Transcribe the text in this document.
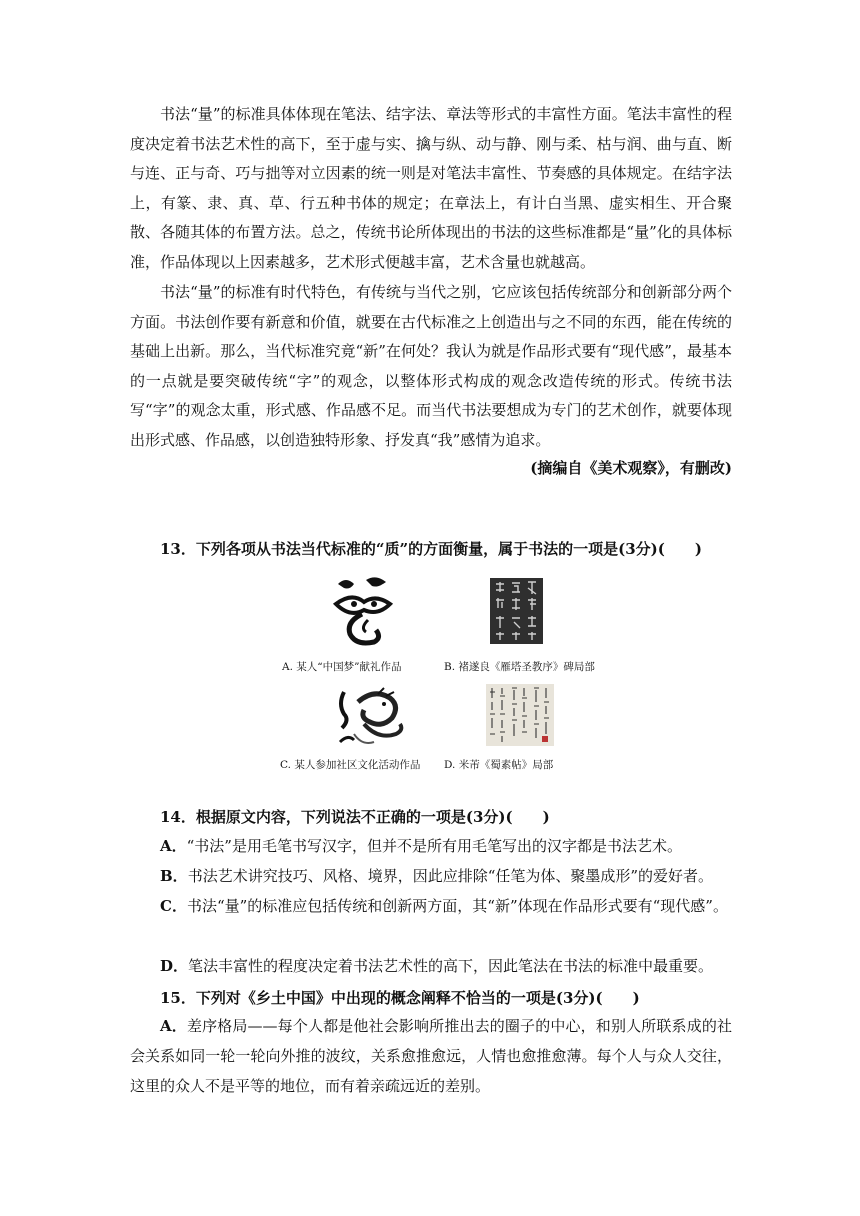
书法“量”的标准具体体现在笔法、结字法、章法等形式的丰富性方面。笔法丰富性的程度决定着书法艺术性的高下，至于虚与实、擒与纵、动与静、刚与柔、枯与润、曲与直、断与连、正与奇、巧与拙等对立因素的统一则是对笔法丰富性、节奏感的具体规定。在结字法上，有篆、隶、真、草、行五种书体的规定；在章法上，有计白当黑、虚实相生、开合聚散、各随其体的布置方法。总之，传统书论所体现出的书法的这些标准都是“量”化的具体标准，作品体现以上因素越多，艺术形式便越丰富，艺术含量也就越高。

书法“量”的标准有时代特色，有传统与当代之别，它应该包括传统部分和创新部分两个方面。书法创作要有新意和价值，就要在古代标准之上创造出与之不同的东西，能在传统的基础上出新。那么，当代标准究竟“新”在何处？我认为就是作品形式要有“现代感”，最基本的一点就是要突破传统“字”的观念，以整体形式构成的观念改造传统的形式。传统书法写“字”的观念太重，形式感、作品感不足。而当代书法要想成为专门的艺术创作，就要体现出形式感、作品感，以创造独特形象、抒发真“我”感情为追求。

(摘编自《美术观察》，有删改)

13．下列各项从书法当代标准的“质”的方面衡量，属于书法的一项是(3分)(　　)

A. 某人“中国梦”献礼作品	B. 褚遂良《雁塔圣教序》碑局部
C. 某人参加社区文化活动作品 D. 米芾《蜀素帖》局部

14．根据原文内容，下列说法不正确的一项是(3分)(　　)

A．“书法”是用毛笔书写汉字，但并不是所有用毛笔写出的汉字都是书法艺术。

B．书法艺术讲究技巧、风格、境界，因此应排除“任笔为体、聚墨成形”的爱好者。

C．书法“量”的标准应包括传统和创新两方面，其“新”体现在作品形式要有“现代感”。

D．笔法丰富性的程度决定着书法艺术性的高下，因此笔法在书法的标准中最重要。

15．下列对《乡土中国》中出现的概念阐释不恰当的一项是(3分)(　　)

A．差序格局——每个人都是他社会影响所推出去的圈子的中心，和别人所联系成的社会关系如同一轮一轮向外推的波纹，关系愈推愈远，人情也愈推愈薄。每个人与众人交往，这里的众人不是平等的地位，而有着亲疏远近的差别。
